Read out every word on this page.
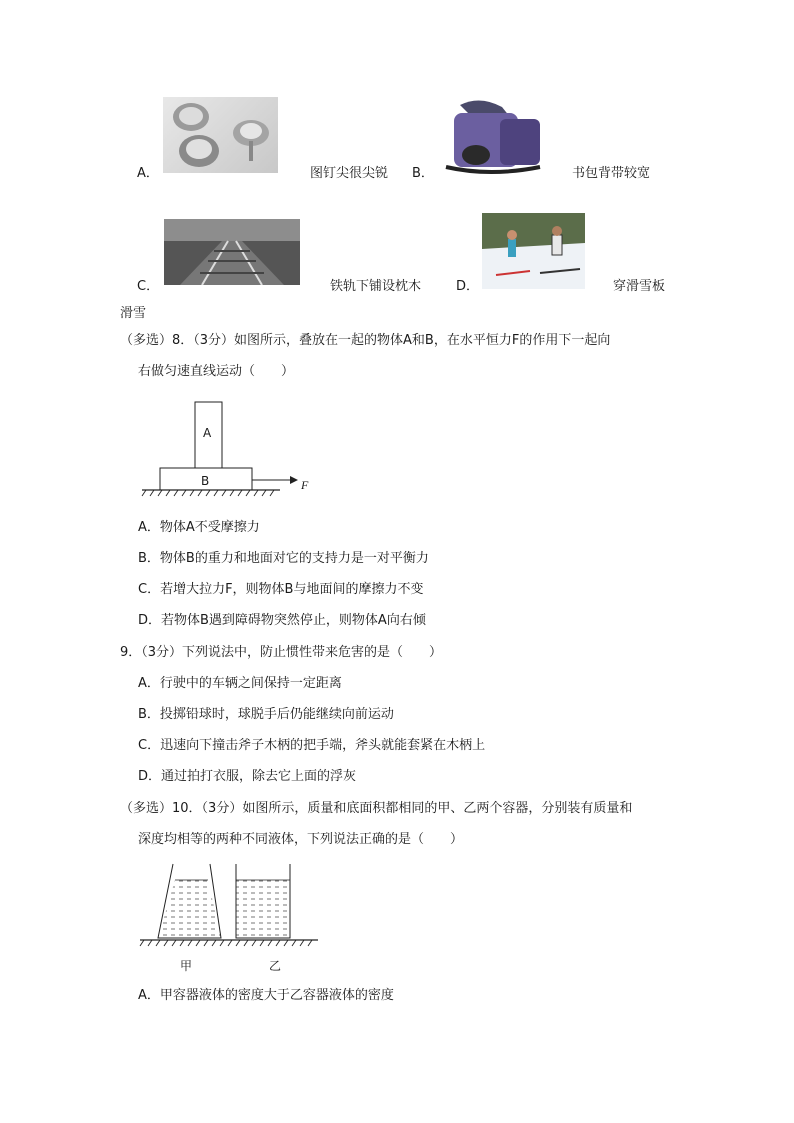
A．	图钉尖很尖锐 B．	书包背带较宽
C．	铁轨下铺设枕木	D．	穿滑雪板
滑雪
（多选）8．（3分）如图所示，叠放在一起的物体A和B，在水平恒力F的作用下一起向
右做匀速直线运动（　　）
A
B	F
A．物体A不受摩擦力
B．物体B的重力和地面对它的支持力是一对平衡力
C．若增大拉力F，则物体B与地面间的摩擦力不变
D．若物体B遇到障碍物突然停止，则物体A向右倾
9．（3分）下列说法中，防止惯性带来危害的是（　　）
A．行驶中的车辆之间保持一定距离
B．投掷铅球时，球脱手后仍能继续向前运动
C．迅速向下撞击斧子木柄的把手端，斧头就能套紧在木柄上
D．通过拍打衣服，除去它上面的浮灰
（多选）10．（3分）如图所示，质量和底面积都相同的甲、乙两个容器，分别装有质量和
深度均相等的两种不同液体，下列说法正确的是（　　）
甲	乙
A．甲容器液体的密度大于乙容器液体的密度
